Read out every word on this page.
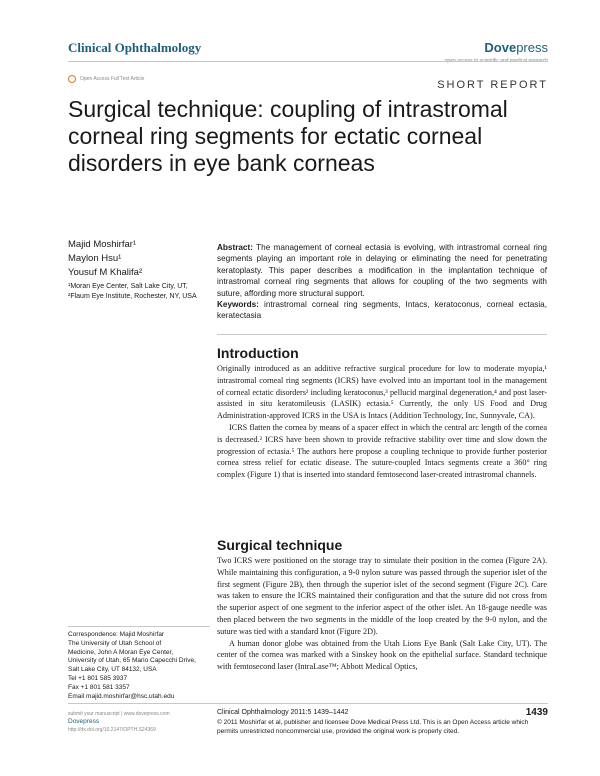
Clinical Ophthalmology	Dovepress
Open Access Full Text Article	SHORT REPORT
Surgical technique: coupling of intrastromal corneal ring segments for ectatic corneal disorders in eye bank corneas
Majid Moshirfar¹
Maylon Hsu¹
Yousuf M Khalifa²
¹Moran Eye Center, Salt Lake City, UT, ²Flaum Eye Institute, Rochester, NY, USA
Abstract: The management of corneal ectasia is evolving, with intrastromal corneal ring segments playing an important role in delaying or eliminating the need for penetrating keratoplasty. This paper describes a modification in the implantation technique of intrastromal corneal ring segments that allows for coupling of the two segments with suture, affording more structural support.
Keywords: intrastromal corneal ring segments, Intacs, keratoconus, corneal ectasia, keratectasia
Introduction

Originally introduced as an additive refractive surgical procedure for low to moderate myopia,¹ intrastromal corneal ring segments (ICRS) have evolved into an important tool in the management of corneal ectatic disorders² including keratoconus,³ pellucid marginal degeneration,⁴ and post laser-assisted in situ keratomileusis (LASIK) ectasia.⁵ Currently, the only US Food and Drug Administration-approved ICRS in the USA is Intacs (Addition Technology, Inc, Sunnyvale, CA).

ICRS flatten the cornea by means of a spacer effect in which the central arc length of the cornea is decreased.² ICRS have been shown to provide refractive stability over time and slow down the progression of ectasia.⁵ The authors here propose a coupling technique to provide further posterior cornea stress relief for ectatic disease. The suture-coupled Intacs segments create a 360° ring complex (Figure 1) that is inserted into standard femtosecond laser-created intrastromal channels.

Surgical technique

Two ICRS were positioned on the storage tray to simulate their position in the cornea (Figure 2A). While maintaining this configuration, a 9-0 nylon suture was passed through the superior islet of the first segment (Figure 2B), then through the superior islet of the second segment (Figure 2C). Care was taken to ensure the ICRS maintained their configuration and that the suture did not cross from the superior aspect of one segment to the inferior aspect of the other islet. An 18-gauge needle was then placed between the two segments in the middle of the loop created by the 9-0 nylon, and the suture was tied with a standard knot (Figure 2D).

A human donor globe was obtained from the Utah Lions Eye Bank (Salt Lake City, UT). The center of the cornea was marked with a Sinskey hook on the epithelial surface. Standard technique with femtosecond laser (IntraLase™; Abbott Medical Optics,

Correspondence: Majid Moshirfar
The University of Utah School of
Medicine, John A Moran Eye Center,
University of Utah, 65 Mario Capecchi Drive,
Salt Lake City, UT 84132, USA
Tel +1 801 585 3937
Fax +1 801 581 3357
Email majid.moshirfar@hsc.utah.edu
submit your manuscript | www.dovepress.com
Dovepress
http://dx.doi.org/10.2147/OPTH.S24369
Clinical Ophthalmology 2011:5 1439–1442
© 2011 Moshirfar et al, publisher and licensee Dove Medical Press Ltd. This is an Open Access article which permits unrestricted noncommercial use, provided the original work is properly cited.
1439
